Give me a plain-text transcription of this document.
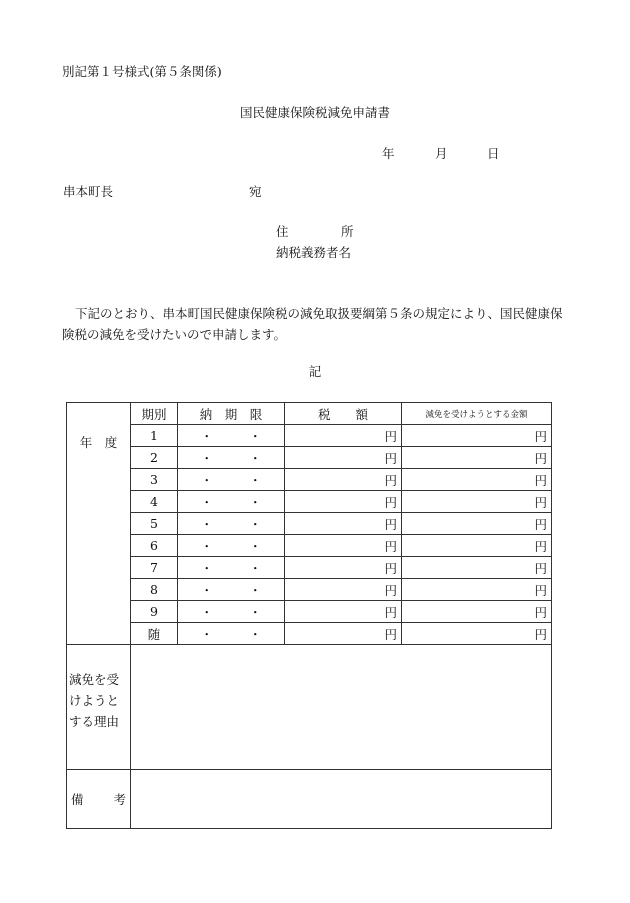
別記第１号様式(第５条関係)
国民健康保険税減免申請書
年	月	日
串本町長	宛
住	所
納税義務者名
下記のとおり、串本町国民健康保険税の減免取扱要綱第５条の規定により、国民健康保険税の減免を受けたいので申請します。
記
年　度	期別	納　期　限	税　　額	減免を受けようとする金額
	1	・ ・	円	円
	2	・ ・	円	円
	3	・ ・	円	円
	4	・ ・	円	円
	5	・ ・	円	円
	6	・ ・	円	円
	7	・ ・	円	円
	8	・ ・	円	円
	9	・ ・	円	円
	随	・ ・	円	円
減免を受けようとする理由				

備 考				
